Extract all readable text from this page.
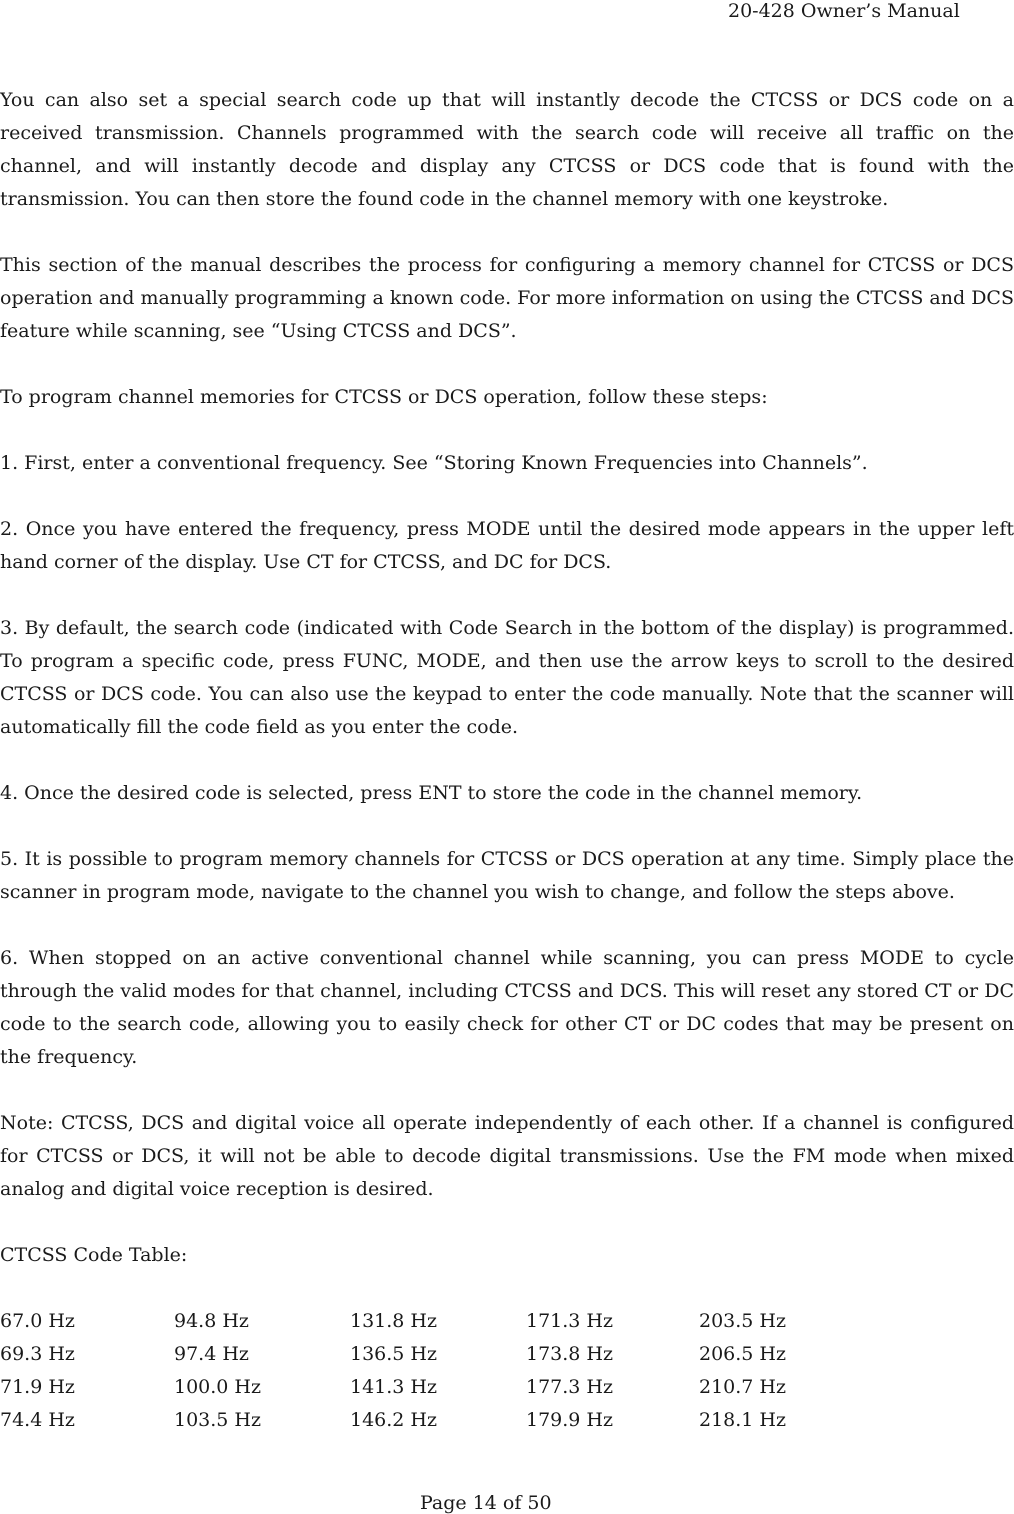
20-428 Owner’s Manual

You can also set a special search code up that will instantly decode the CTCSS or DCS code on a received transmission. Channels programmed with the search code will receive all traffic on the channel, and will instantly decode and display any CTCSS or DCS code that is found with the transmission. You can then store the found code in the channel memory with one keystroke.

This section of the manual describes the process for configuring a memory channel for CTCSS or DCS operation and manually programming a known code. For more information on using the CTCSS and DCS feature while scanning, see “Using CTCSS and DCS”.

To program channel memories for CTCSS or DCS operation, follow these steps:

1. First, enter a conventional frequency. See “Storing Known Frequencies into Channels”.

2. Once you have entered the frequency, press MODE until the desired mode appears in the upper left hand corner of the display. Use CT for CTCSS, and DC for DCS.

3. By default, the search code (indicated with Code Search in the bottom of the display) is programmed. To program a specific code, press FUNC, MODE, and then use the arrow keys to scroll to the desired CTCSS or DCS code. You can also use the keypad to enter the code manually. Note that the scanner will automatically fill the code field as you enter the code.

4. Once the desired code is selected, press ENT to store the code in the channel memory.

5. It is possible to program memory channels for CTCSS or DCS operation at any time. Simply place the scanner in program mode, navigate to the channel you wish to change, and follow the steps above.

6. When stopped on an active conventional channel while scanning, you can press MODE to cycle through the valid modes for that channel, including CTCSS and DCS. This will reset any stored CT or DC code to the search code, allowing you to easily check for other CT or DC codes that may be present on the frequency.

Note: CTCSS, DCS and digital voice all operate independently of each other. If a channel is configured for CTCSS or DCS, it will not be able to decode digital transmissions. Use the FM mode when mixed analog and digital voice reception is desired.

CTCSS Code Table:
67.0 Hz	94.8 Hz	131.8 Hz	171.3 Hz	203.5 Hz
69.3 Hz	97.4 Hz	136.5 Hz	173.8 Hz	206.5 Hz
71.9 Hz	100.0 Hz	141.3 Hz	177.3 Hz	210.7 Hz
74.4 Hz	103.5 Hz	146.2 Hz	179.9 Hz	218.1 Hz
Page 14 of 50
